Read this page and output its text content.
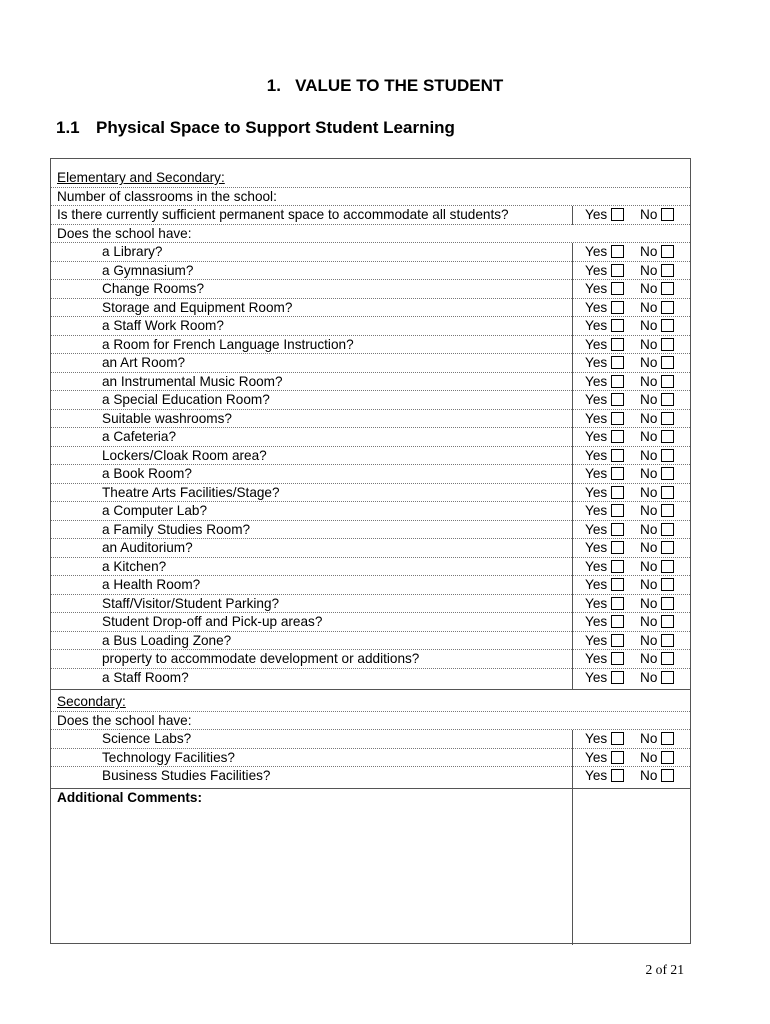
1. VALUE TO THE STUDENT
1.1 Physical Space to Support Student Learning
Elementary and Secondary:
Number of classrooms in the school:
Is there currently sufficient permanent space to accommodate all students?	Yes	No
Does the school have:
a Library?	Yes	No
a Gymnasium?	Yes	No
Change Rooms?	Yes	No
Storage and Equipment Room?	Yes	No
a Staff Work Room?	Yes	No
a Room for French Language Instruction?	Yes	No
an Art Room?	Yes	No
an Instrumental Music Room?	Yes	No
a Special Education Room?	Yes	No
Suitable washrooms?	Yes	No
a Cafeteria?	Yes	No
Lockers/Cloak Room area?	Yes	No
a Book Room?	Yes	No
Theatre Arts Facilities/Stage?	Yes	No
a Computer Lab?	Yes	No
a Family Studies Room?	Yes	No
an Auditorium?	Yes	No
a Kitchen?	Yes	No
a Health Room?	Yes	No
Staff/Visitor/Student Parking?	Yes	No
Student Drop-off and Pick-up areas?	Yes	No
a Bus Loading Zone?	Yes	No
property to accommodate development or additions?	Yes	No
a Staff Room?	Yes	No
Secondary:
Does the school have:
Science Labs?	Yes	No
Technology Facilities?	Yes	No
Business Studies Facilities?	Yes	No
Additional Comments:
2 of 21
